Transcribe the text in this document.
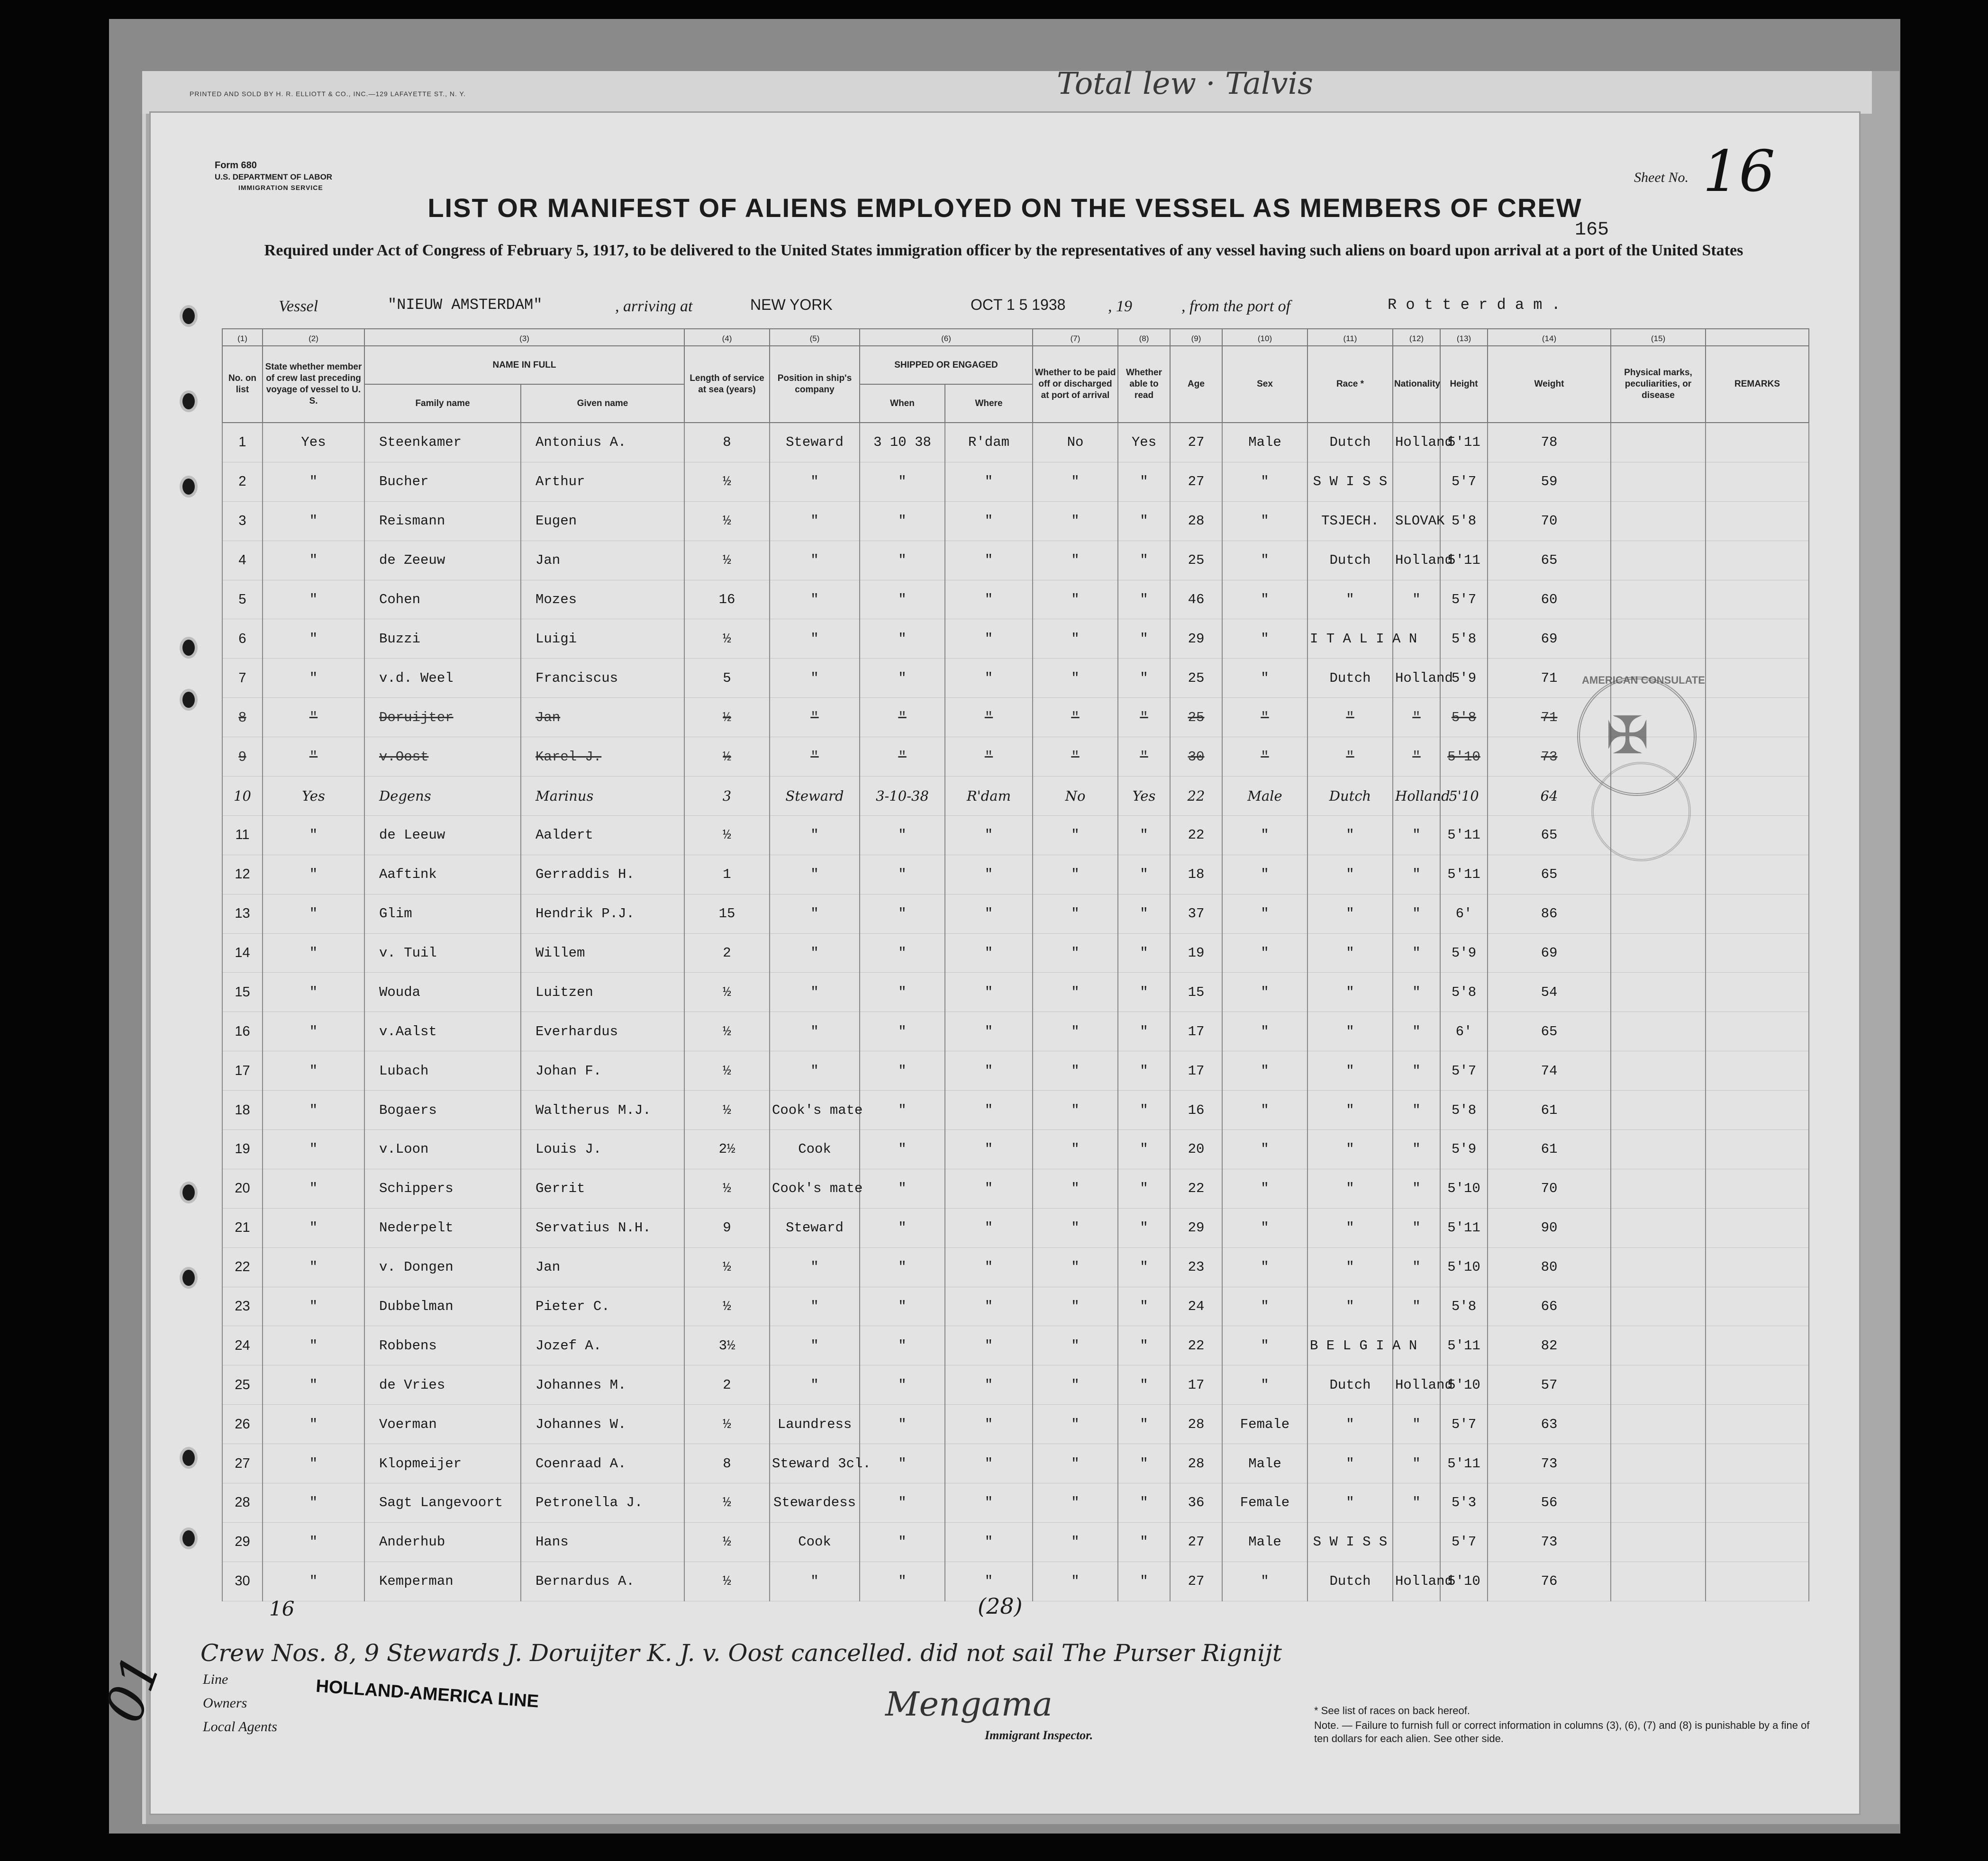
PRINTED AND SOLD BY H. R. ELLIOTT & CO., INC.—129 LAFAYETTE ST., N. Y.	Total lew · Talvis
Form 680
U.S. DEPARTMENT OF LABOR
IMMIGRATION SERVICE
Sheet No. 16
LIST OR MANIFEST OF ALIENS EMPLOYED ON THE VESSEL AS MEMBERS OF CREW
165
Required under Act of Congress of February 5, 1917, to be delivered to the United States immigration officer by the representatives of any vessel having such aliens on board upon arrival at a port of the United States
Vessel	"NIEUW AMSTERDAM"	, arriving at	NEW YORK	OCT 1 5 1938	, 19	, from the port of	R o t t e r d a m .
(1)	(2)	(3)		(4)	(5)	(6)		(7)	(8)	(9)	(10)	(11)	(12)	(13)	(14)	(15)	
No. on list	State whether member of crew last preceding voyage of vessel to U. S.	NAME IN FULL		Length of service at sea (years)	Position in ship's company	SHIPPED OR ENGAGED		Whether to be paid off or discharged at port of arrival	Whether able to read	Age	Sex	Race *	Nationality	Height	Weight	Physical marks, peculiarities, or disease	REMARKS
		Family name	Given name			When	Where										
1	Yes	Steenkamer	Antonius A.	8	Steward	3 10 38	R'dam	No	Yes	27	Male	Dutch	Holland	5'11	78		
2	"	Bucher	Arthur	½	"	"	"	"	"	27	"	S W I S S		5'7	59		
3	"	Reismann	Eugen	½	"	"	"	"	"	28	"	TSJECH.	SLOVAK	5'8	70		
4	"	de Zeeuw	Jan	½	"	"	"	"	"	25	"	Dutch	Holland	5'11	65		
5	"	Cohen	Mozes	16	"	"	"	"	"	46	"	"	"	5'7	60		
6	"	Buzzi	Luigi	½	"	"	"	"	"	29	"	I T A L I A N		5'8	69		
7	"	v.d. Weel	Franciscus	5	"	"	"	"	"	25	"	Dutch	Holland	5'9	71		
8	"	Doruijter	Jan	½	"	"	"	"	"	25	"	"	"	5'8	71		
9	"	v.Oost	Karel J.	½	"	"	"	"	"	30	"	"	"	5'10	73		
10	Yes	Degens	Marinus	3	Steward	3-10-38	R'dam	No	Yes	22	Male	Dutch	Holland	5'10	64		
11	"	de Leeuw	Aaldert	½	"	"	"	"	"	22	"	"	"	5'11	65		
12	"	Aaftink	Gerraddis H.	1	"	"	"	"	"	18	"	"	"	5'11	65		
13	"	Glim	Hendrik P.J.	15	"	"	"	"	"	37	"	"	"	6'	86		
14	"	v. Tuil	Willem	2	"	"	"	"	"	19	"	"	"	5'9	69		
15	"	Wouda	Luitzen	½	"	"	"	"	"	15	"	"	"	5'8	54		
16	"	v.Aalst	Everhardus	½	"	"	"	"	"	17	"	"	"	6'	65		
17	"	Lubach	Johan F.	½	"	"	"	"	"	17	"	"	"	5'7	74		
18	"	Bogaers	Waltherus M.J.	½	Cook's mate	"	"	"	"	16	"	"	"	5'8	61		
19	"	v.Loon	Louis J.	2½	Cook	"	"	"	"	20	"	"	"	5'9	61		
20	"	Schippers	Gerrit	½	Cook's mate	"	"	"	"	22	"	"	"	5'10	70		
21	"	Nederpelt	Servatius N.H.	9	Steward	"	"	"	"	29	"	"	"	5'11	90		
22	"	v. Dongen	Jan	½	"	"	"	"	"	23	"	"	"	5'10	80		
23	"	Dubbelman	Pieter C.	½	"	"	"	"	"	24	"	"	"	5'8	66		
24	"	Robbens	Jozef A.	3½	"	"	"	"	"	22	"	B E L G I A N		5'11	82		
25	"	de Vries	Johannes M.	2	"	"	"	"	"	17	"	Dutch	Holland	5'10	57		
26	"	Voerman	Johannes W.	½	Laundress	"	"	"	"	28	Female	"	"	5'7	63		
27	"	Klopmeijer	Coenraad A.	8	Steward 3cl.	"	"	"	"	28	Male	"	"	5'11	73		
28	"	Sagt Langevoort	Petronella J.	½	Stewardess	"	"	"	"	36	Female	"	"	5'3	56		
29	"	Anderhub	Hans	½	Cook	"	"	"	"	27	Male	S W I S S		5'7	73		
30	"	Kemperman	Bernardus A.	½	"	"	"	"	"	27	"	Dutch	Holland	5'10	76		
AMERICAN CONSULATE
✠
16	(28)
Crew Nos. 8, 9 Stewards J. Doruijter K. J. v. Oost cancelled. did not sail The Purser Rignijt
Line
Owners
Local Agents
HOLLAND-AMERICA LINE	Mengama
Immigrant Inspector.
* See list of races on back hereof.
Note. — Failure to furnish full or correct information in columns (3), (6), (7) and (8) is punishable by a fine of ten dollars for each alien. See other side.
01
